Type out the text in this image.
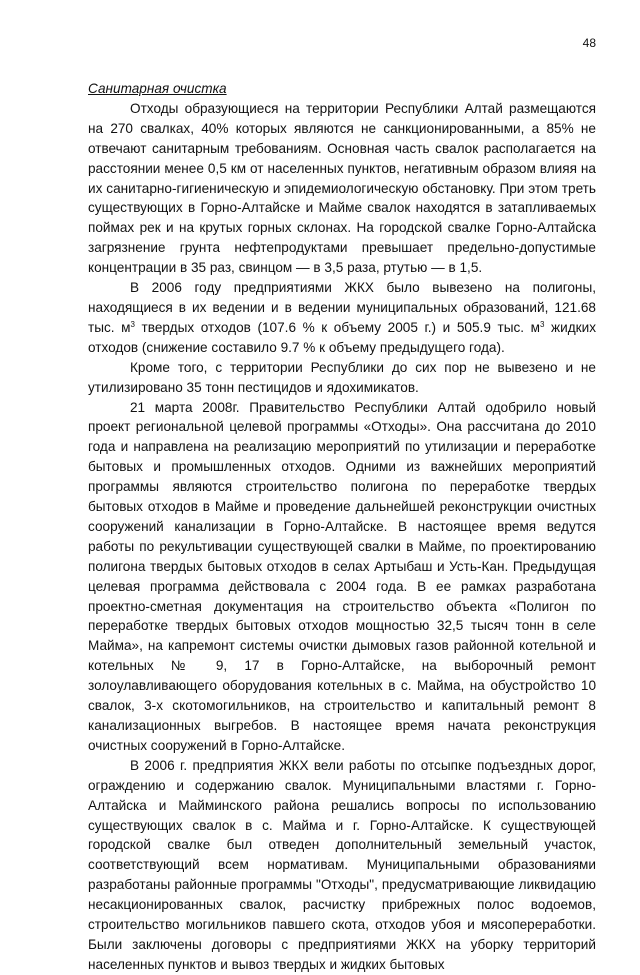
48

Санитарная очистка

Отходы образующиеся на территории Республики Алтай размещаются на 270 свалках, 40% которых являются не санкционированными, а 85% не отвечают санитарным требованиям. Основная часть свалок располагается на расстоянии менее 0,5 км от населенных пунктов, негативным образом влияя на их санитарно-гигиеническую и эпидемиологическую обстановку. При этом треть существующих в Горно-Алтайске и Майме свалок находятся в затапливаемых поймах рек и на крутых горных склонах. На городской свалке Горно-Алтайска загрязнение грунта нефтепродуктами превышает предельно-допустимые концентрации в 35 раз, свинцом — в 3,5 раза, ртутью — в 1,5.

В 2006 году предприятиями ЖКХ было вывезено на полигоны, находящиеся в их ведении и в ведении муниципальных образований, 121.68 тыс. $м^3$ твердых отходов (107.6 % к объему 2005 г.) и 505.9 тыс. $м^3$ жидких отходов (снижение составило 9.7 % к объему предыдущего года).

Кроме того, с территории Республики до сих пор не вывезено и не утилизировано 35 тонн пестицидов и ядохимикатов.

21 марта 2008г. Правительство Республики Алтай одобрило новый проект региональной целевой программы «Отходы». Она рассчитана до 2010 года и направлена на реализацию мероприятий по утилизации и переработке бытовых и промышленных отходов. Одними из важнейших мероприятий программы являются строительство полигона по переработке твердых бытовых отходов в Майме и проведение дальнейшей реконструкции очистных сооружений канализации в Горно-Алтайске. В настоящее время ведутся работы по рекультивации существующей свалки в Майме, по проектированию полигона твердых бытовых отходов в селах Артыбаш и Усть-Кан. Предыдущая целевая программа действовала с 2004 года. В ее рамках разработана проектно-сметная документация на строительство объекта «Полигон по переработке твердых бытовых отходов мощностью 32,5 тысяч тонн в селе Майма», на капремонт системы очистки дымовых газов районной котельной и котельных № 9, 17 в Горно-Алтайске, на выборочный ремонт золоулавливающего оборудования котельных в с. Майма, на обустройство 10 свалок, 3-х скотомогильников, на строительство и капитальный ремонт 8 канализационных выгребов. В настоящее время начата реконструкция очистных сооружений в Горно-Алтайске.

В 2006 г. предприятия ЖКХ вели работы по отсыпке подъездных дорог, ограждению и содержанию свалок. Муниципальными властями г. Горно-Алтайска и Майминского района решались вопросы по использованию существующих свалок в с. Майма и г. Горно-Алтайске. К существующей городской свалке был отведен дополнительный земельный участок, соответствующий всем нормативам. Муниципальными образованиями разработаны районные программы "Отходы", предусматривающие ликвидацию несакционированных свалок, расчистку прибрежных полос водоемов, строительство могильников павшего скота, отходов убоя и мясопереработки. Были заключены договоры с предприятиями ЖКХ на уборку территорий населенных пунктов и вывоз твердых и жидких бытовых
